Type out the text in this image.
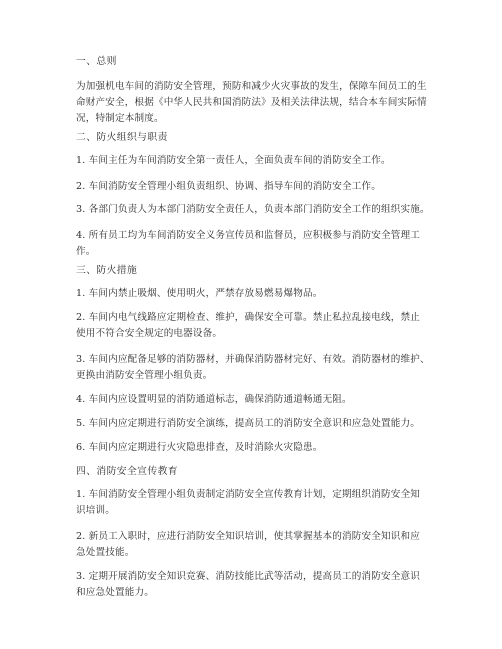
一、总则
为加强机电车间的消防安全管理，预防和减少火灾事故的发生，保障车间员工的生
命财产安全，根据《中华人民共和国消防法》及相关法律法规，结合本车间实际情
况，特制定本制度。
二、防火组织与职责
1. 车间主任为车间消防安全第一责任人，全面负责车间的消防安全工作。
2. 车间消防安全管理小组负责组织、协调、指导车间的消防安全工作。
3. 各部门负责人为本部门消防安全责任人，负责本部门消防安全工作的组织实施。
4. 所有员工均为车间消防安全义务宣传员和监督员，应积极参与消防安全管理工
作。
三、防火措施
1. 车间内禁止吸烟、使用明火，严禁存放易燃易爆物品。
2. 车间内电气线路应定期检查、维护，确保安全可靠。禁止私拉乱接电线，禁止
使用不符合安全规定的电器设备。
3. 车间内应配备足够的消防器材，并确保消防器材完好、有效。消防器材的维护、
更换由消防安全管理小组负责。
4. 车间内应设置明显的消防通道标志，确保消防通道畅通无阻。
5. 车间内应定期进行消防安全演练，提高员工的消防安全意识和应急处置能力。
6. 车间内应定期进行火灾隐患排查，及时消除火灾隐患。
四、消防安全宣传教育
1. 车间消防安全管理小组负责制定消防安全宣传教育计划，定期组织消防安全知
识培训。
2. 新员工入职时，应进行消防安全知识培训，使其掌握基本的消防安全知识和应
急处置技能。
3. 定期开展消防安全知识竞赛、消防技能比武等活动，提高员工的消防安全意识
和应急处置能力。
